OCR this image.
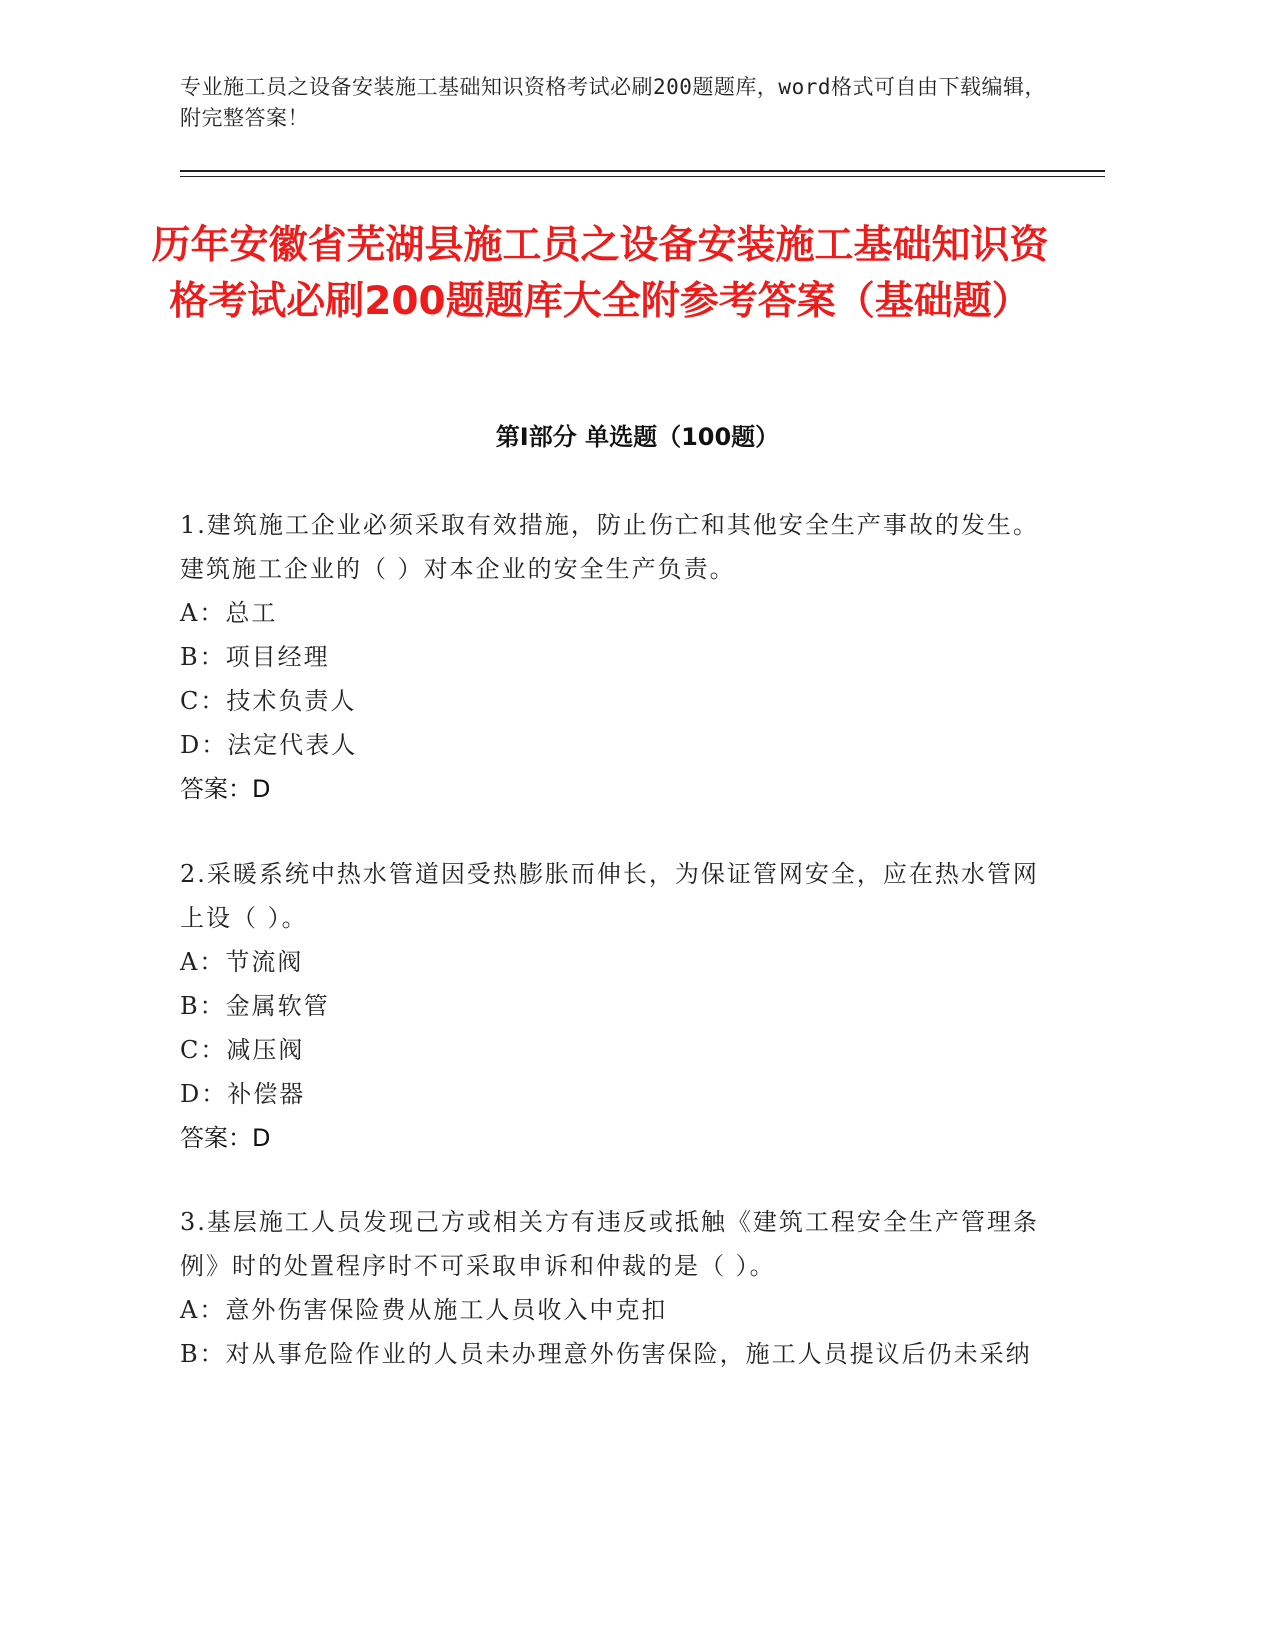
专业施工员之设备安装施工基础知识资格考试必刷200题题库，word格式可自由下载编辑，附完整答案！
历年安徽省芜湖县施工员之设备安装施工基础知识资格考试必刷200题题库大全附参考答案（基础题）
第I部分 单选题（100题）

1.建筑施工企业必须采取有效措施，防止伤亡和其他安全生产事故的发生。建筑施工企业的（ ）对本企业的安全生产负责。

A：总工

B：项目经理

C：技术负责人

D：法定代表人

答案：D

2.采暖系统中热水管道因受热膨胀而伸长，为保证管网安全，应在热水管网上设（ ）。

A：节流阀

B：金属软管

C：减压阀

D：补偿器

答案：D

3.基层施工人员发现己方或相关方有违反或抵触《建筑工程安全生产管理条例》时的处置程序时不可采取申诉和仲裁的是（ ）。

A：意外伤害保险费从施工人员收入中克扣

B：对从事危险作业的人员未办理意外伤害保险，施工人员提议后仍未采纳
